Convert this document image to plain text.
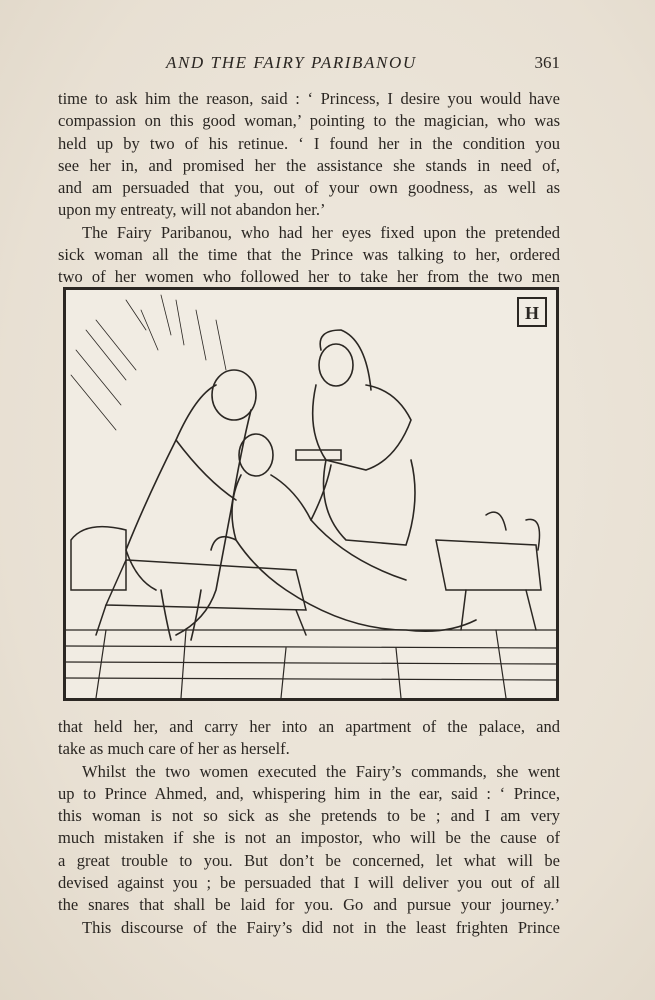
AND THE FAIRY PARIBANOU	361

time to ask him the reason, said : ‘ Princess, I desire you would have
compassion on this good woman,’ pointing to the magician, who was
held up by two of his retinue. ‘ I found her in the condition you
see her in, and promised her the assistance she stands in need of,
and am persuaded that you, out of your own goodness, as well as
upon my entreaty, will not abandon her.’

The Fairy Paribanou, who had her eyes fixed upon the pretended
sick woman all the time that the Prince was talking to her, ordered
two of her women who followed her to take her from the two men

H

that held her, and carry her into an apartment of the palace, and
take as much care of her as herself.

Whilst the two women executed the Fairy’s commands, she went
up to Prince Ahmed, and, whispering him in the ear, said : ‘ Prince,
this woman is not so sick as she pretends to be ; and I am very
much mistaken if she is not an impostor, who will be the cause of
a great trouble to you. But don’t be concerned, let what will be
devised against you ; be persuaded that I will deliver you out of all
the snares that shall be laid for you. Go and pursue your journey.’

This discourse of the Fairy’s did not in the least frighten Prince
